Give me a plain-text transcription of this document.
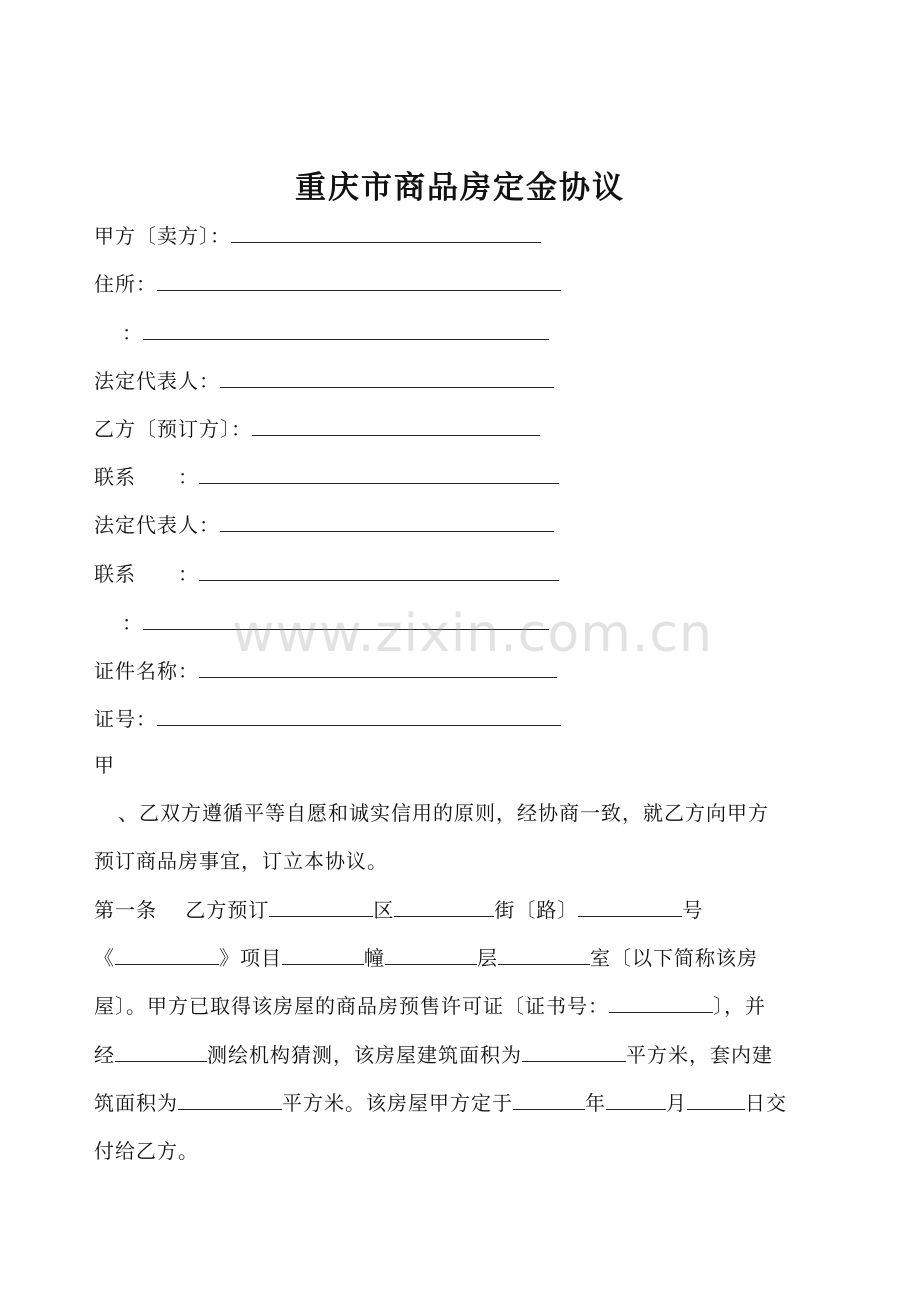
重庆市商品房定金协议
甲方〔卖方〕：
住所：
：
法定代表人：
乙方〔预订方〕：
联系　　：
法定代表人：
联系　　：
：
证件名称：
证号：
甲
、乙双方遵循平等自愿和诚实信用的原则，经协商一致，就乙方向甲方
预订商品房事宜，订立本协议。
第一条　 乙方预订	区	街〔路〕	号
《	》项目	幢	层	室〔以下简称该房
屋〕。甲方已取得该房屋的商品房预售许可证〔证书号：	〕，并
经	测绘机构猜测，该房屋建筑面积为	平方米，套内建
筑面积为	平方米。该房屋甲方定于	年	月	日交
付给乙方。
www.zixin.com.cn
